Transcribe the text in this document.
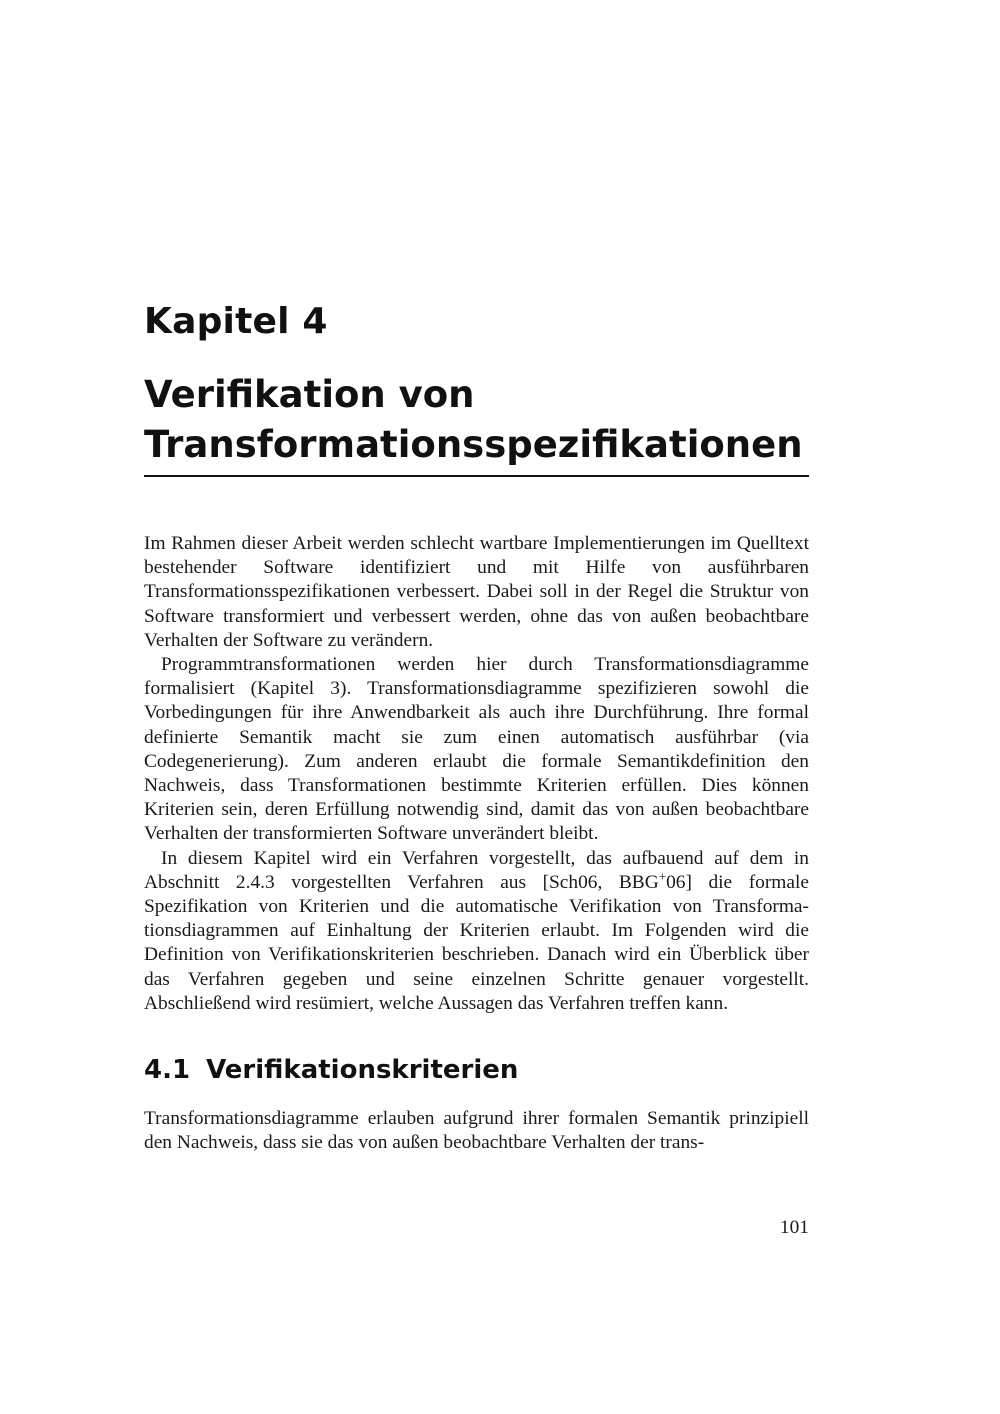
Kapitel 4
Verifikation von
Transformationsspezifikationen

Im Rahmen dieser Arbeit werden schlecht wartbare Implementierungen im Quelltext bestehender Software identifiziert und mit Hilfe von ausführbaren Transformationsspezifikationen verbessert. Dabei soll in der Regel die Struktur von Software transformiert und verbessert werden, ohne das von außen beobachtbare Verhalten der Software zu verändern.

Programmtransformationen werden hier durch Transformationsdiagramme formalisiert (Kapitel 3). Transformationsdiagramme spezifizieren sowohl die Vorbedingungen für ihre Anwendbarkeit als auch ihre Durchführung. Ihre formal definierte Semantik macht sie zum einen automatisch ausführbar (via Codegenerierung). Zum anderen erlaubt die formale Semantikdefinition den Nachweis, dass Transformationen bestimmte Kriterien erfüllen. Dies können Kriterien sein, deren Erfüllung notwendig sind, damit das von außen beobachtbare Verhalten der transformierten Software unverändert bleibt.

In diesem Kapitel wird ein Verfahren vorgestellt, das aufbauend auf dem in Abschnitt 2.4.3 vorgestellten Verfahren aus [Sch06, BBG+06] die formale Spezifikation von Kriterien und die automatische Verifikation von Transformationsdiagrammen auf Einhaltung der Kriterien erlaubt. Im Folgenden wird die Definition von Verifikationskriterien beschrieben. Danach wird ein Überblick über das Verfahren gegeben und seine einzelnen Schritte genauer vorgestellt. Abschließend wird resümiert, welche Aussagen das Verfahren treffen kann.

4.1 Verifikationskriterien

Transformationsdiagramme erlauben aufgrund ihrer formalen Semantik prinzipiell den Nachweis, dass sie das von außen beobachtbare Verhalten der trans-

101
